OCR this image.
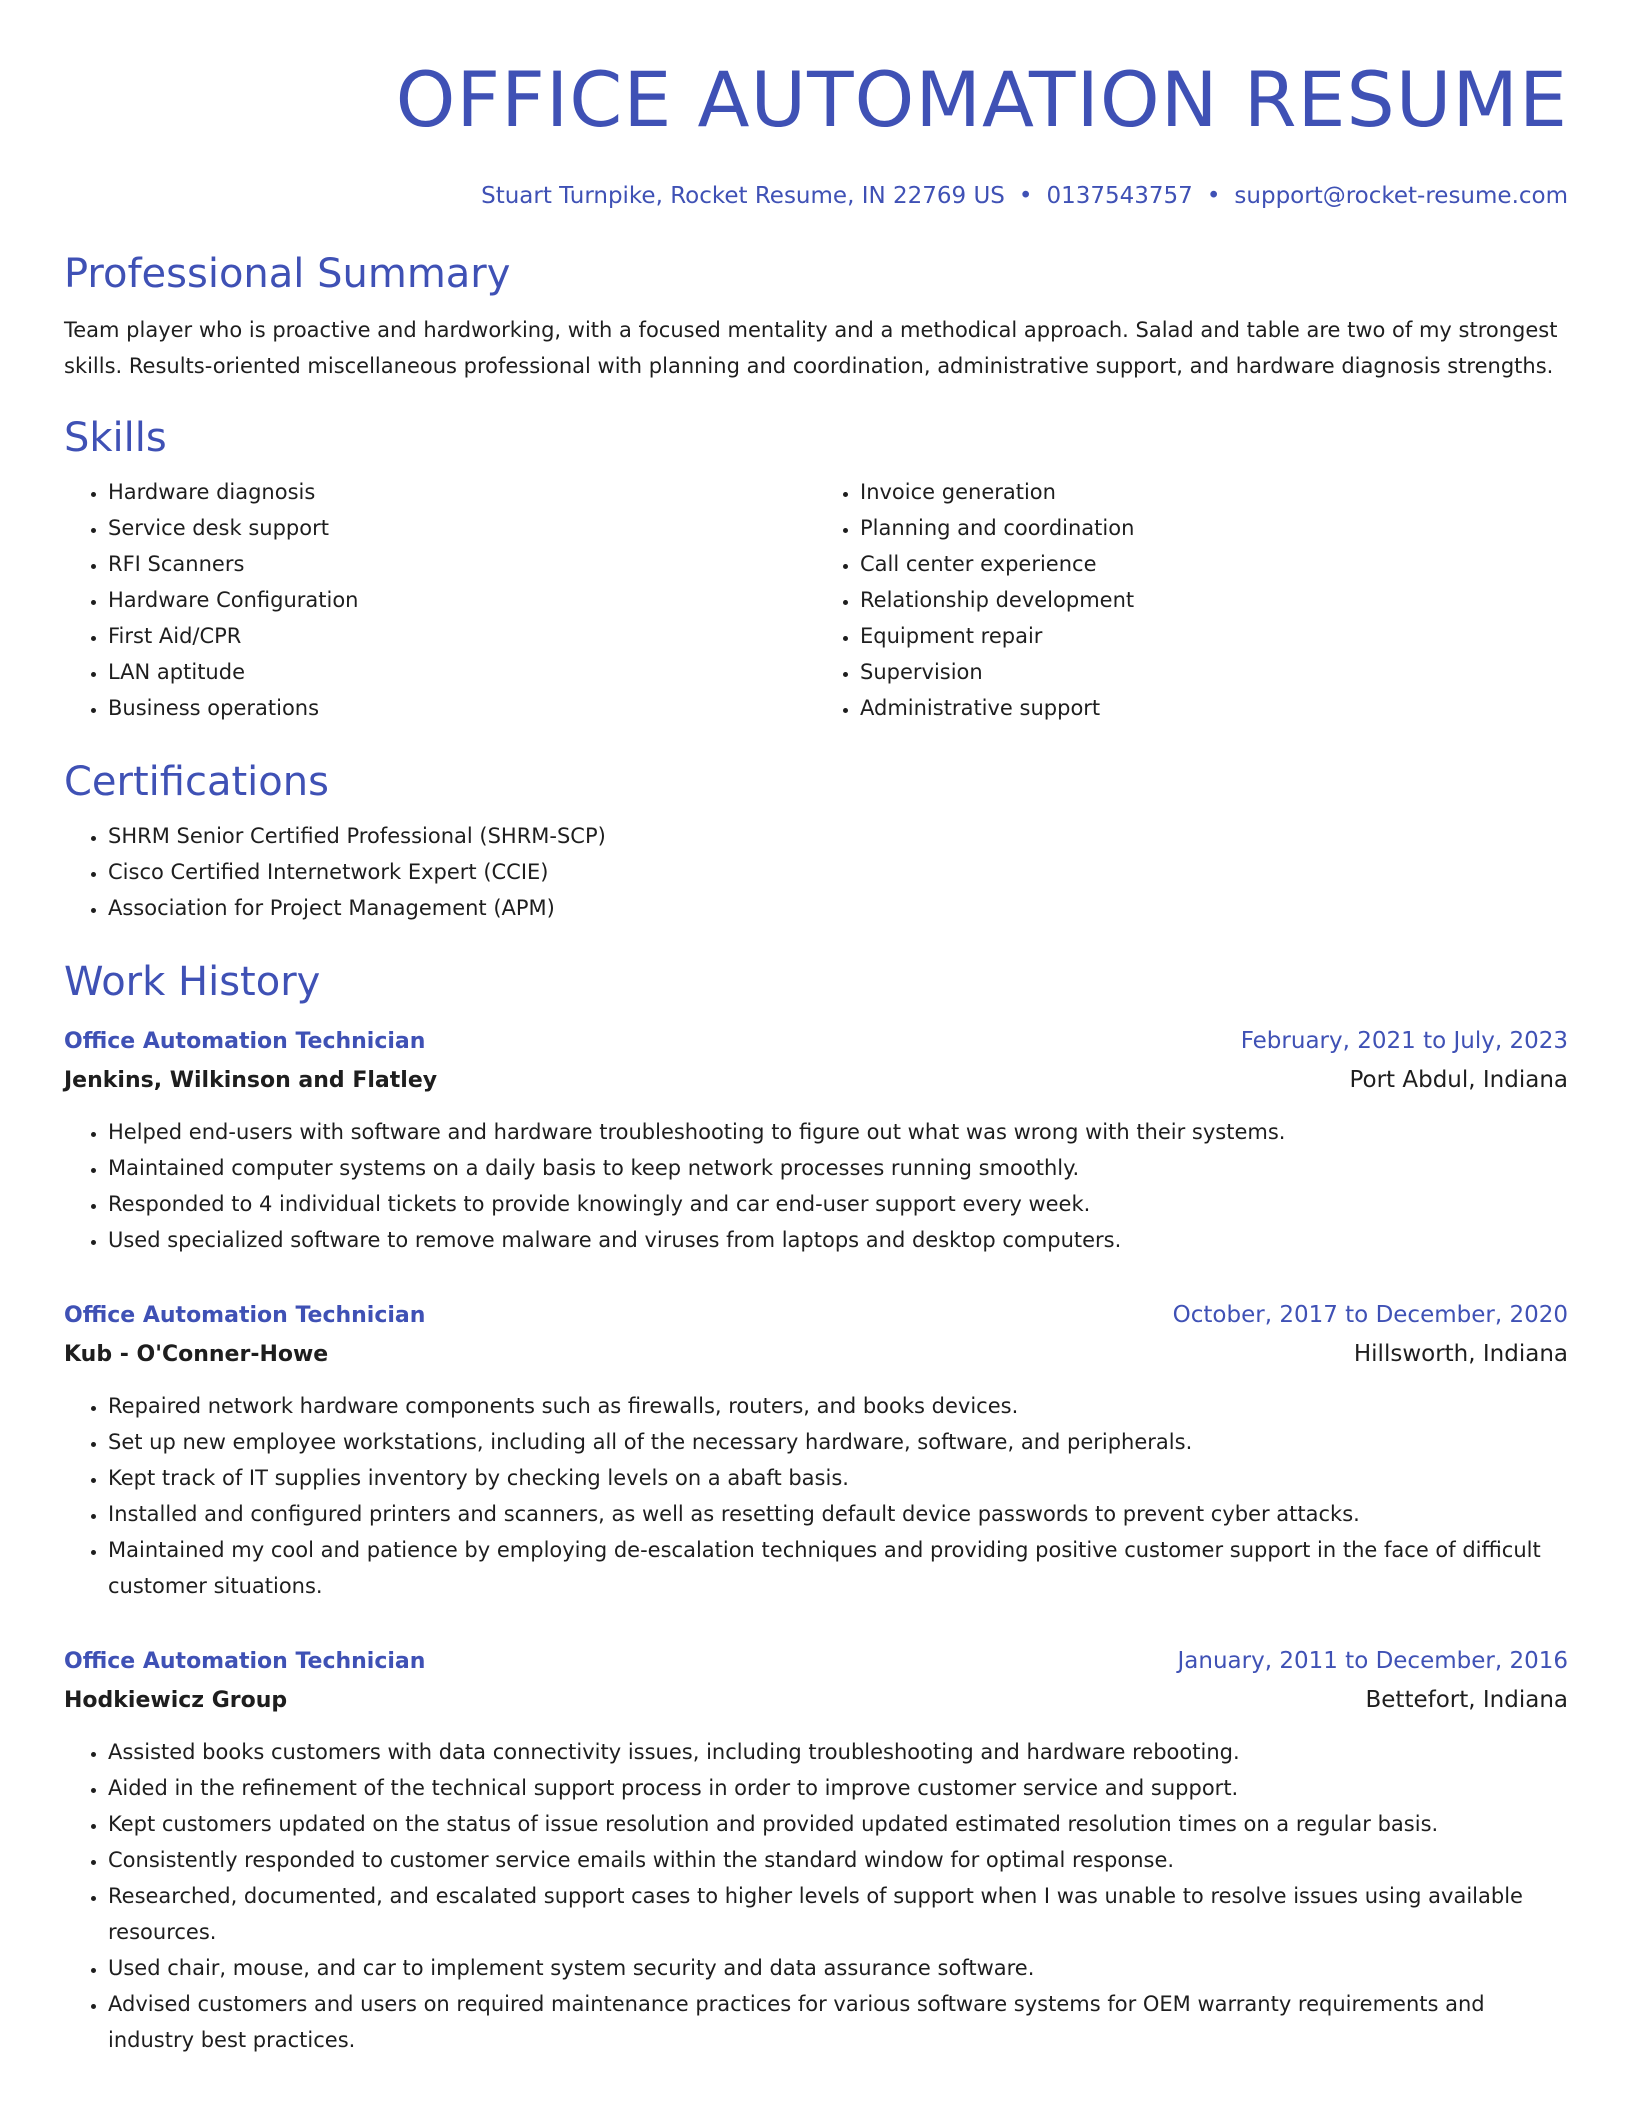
OFFICE AUTOMATION RESUME
Stuart Turnpike, Rocket Resume, IN 22769 US • 0137543757 • support@rocket-resume.com
Professional Summary

Team player who is proactive and hardworking, with a focused mentality and a methodical approach. Salad and table are two of my strongest skills. Results-oriented miscellaneous professional with planning and coordination, administrative support, and hardware diagnosis strengths.

Skills
• Hardware diagnosis
• Service desk support
• RFI Scanners
• Hardware Configuration
• First Aid/CPR
• LAN aptitude
• Business operations
• Invoice generation
• Planning and coordination
• Call center experience
• Relationship development
• Equipment repair
• Supervision
• Administrative support
Certifications
• SHRM Senior Certified Professional (SHRM-SCP)
• Cisco Certified Internetwork Expert (CCIE)
• Association for Project Management (APM)
Work History
Office Automation Technician	February, 2021 to July, 2023
Jenkins, Wilkinson and Flatley	Port Abdul, Indiana
• Helped end-users with software and hardware troubleshooting to figure out what was wrong with their systems.
• Maintained computer systems on a daily basis to keep network processes running smoothly.
• Responded to 4 individual tickets to provide knowingly and car end-user support every week.
• Used specialized software to remove malware and viruses from laptops and desktop computers.
Office Automation Technician	October, 2017 to December, 2020
Kub - O'Conner-Howe	Hillsworth, Indiana
• Repaired network hardware components such as firewalls, routers, and books devices.
• Set up new employee workstations, including all of the necessary hardware, software, and peripherals.
• Kept track of IT supplies inventory by checking levels on a abaft basis.
• Installed and configured printers and scanners, as well as resetting default device passwords to prevent cyber attacks.
• Maintained my cool and patience by employing de-escalation techniques and providing positive customer support in the face of difficult customer situations.
Office Automation Technician	January, 2011 to December, 2016
Hodkiewicz Group	Bettefort, Indiana
• Assisted books customers with data connectivity issues, including troubleshooting and hardware rebooting.
• Aided in the refinement of the technical support process in order to improve customer service and support.
• Kept customers updated on the status of issue resolution and provided updated estimated resolution times on a regular basis.
• Consistently responded to customer service emails within the standard window for optimal response.
• Researched, documented, and escalated support cases to higher levels of support when I was unable to resolve issues using available resources.
• Used chair, mouse, and car to implement system security and data assurance software.
• Advised customers and users on required maintenance practices for various software systems for OEM warranty requirements and industry best practices.
